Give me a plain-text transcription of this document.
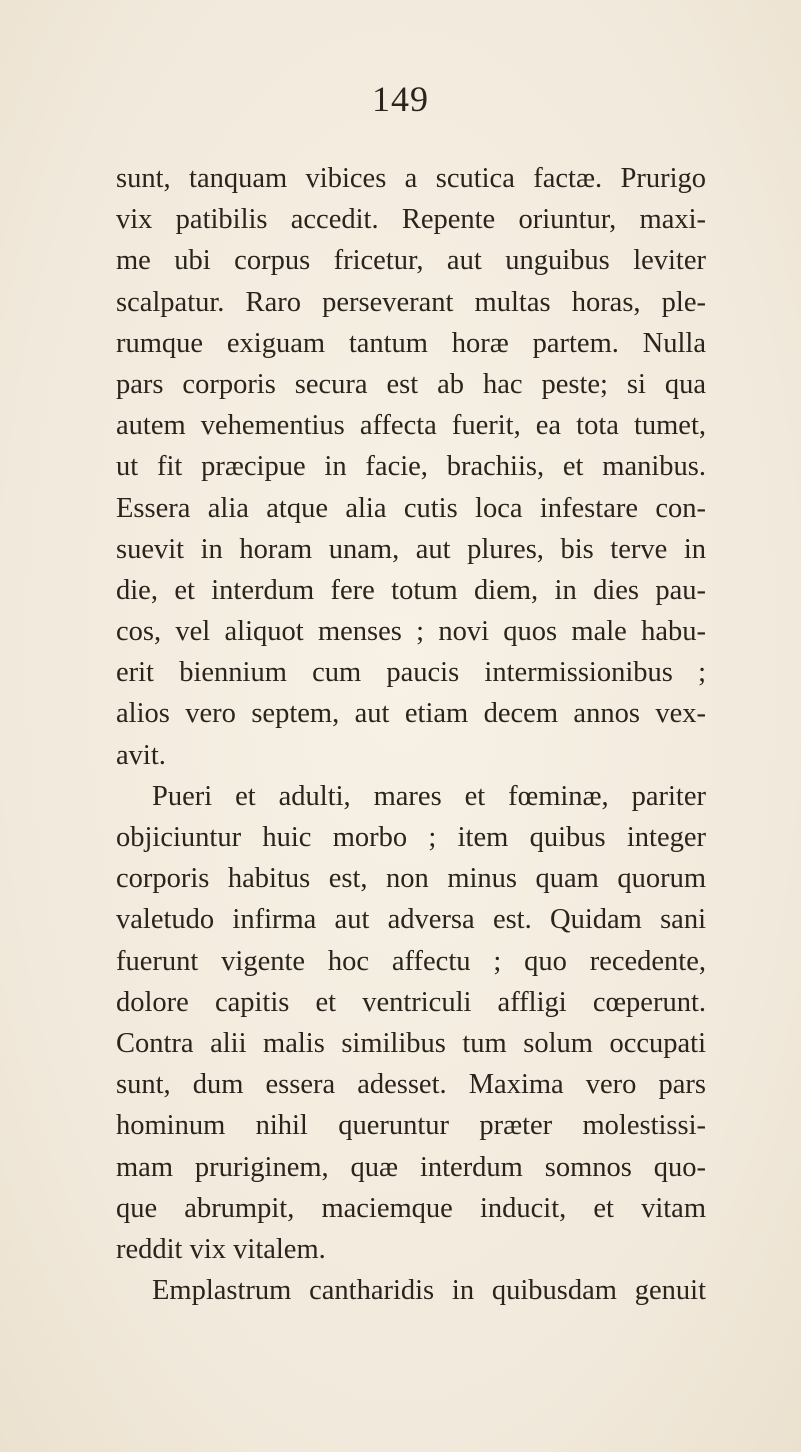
149
sunt, tanquam vibices a scutica factæ. Prurigo
vix patibilis accedit. Repente oriuntur, maxi-
me ubi corpus fricetur, aut unguibus leviter
scalpatur. Raro perseverant multas horas, ple-
rumque exiguam tantum horæ partem. Nulla
pars corporis secura est ab hac peste; si qua
autem vehementius affecta fuerit, ea tota tumet,
ut fit præcipue in facie, brachiis, et manibus.
Essera alia atque alia cutis loca infestare con-
suevit in horam unam, aut plures, bis terve in
die, et interdum fere totum diem, in dies pau-
cos, vel aliquot menses ; novi quos male habu-
erit biennium cum paucis intermissionibus ;
alios vero septem, aut etiam decem annos vex-
avit.
Pueri et adulti, mares et fœminæ, pariter
objiciuntur huic morbo ; item quibus integer
corporis habitus est, non minus quam quorum
valetudo infirma aut adversa est. Quidam sani
fuerunt vigente hoc affectu ; quo recedente,
dolore capitis et ventriculi affligi cœperunt.
Contra alii malis similibus tum solum occupati
sunt, dum essera adesset. Maxima vero pars
hominum nihil queruntur præter molestissi-
mam pruriginem, quæ interdum somnos quo-
que abrumpit, maciemque inducit, et vitam
reddit vix vitalem.
Emplastrum cantharidis in quibusdam genuit
